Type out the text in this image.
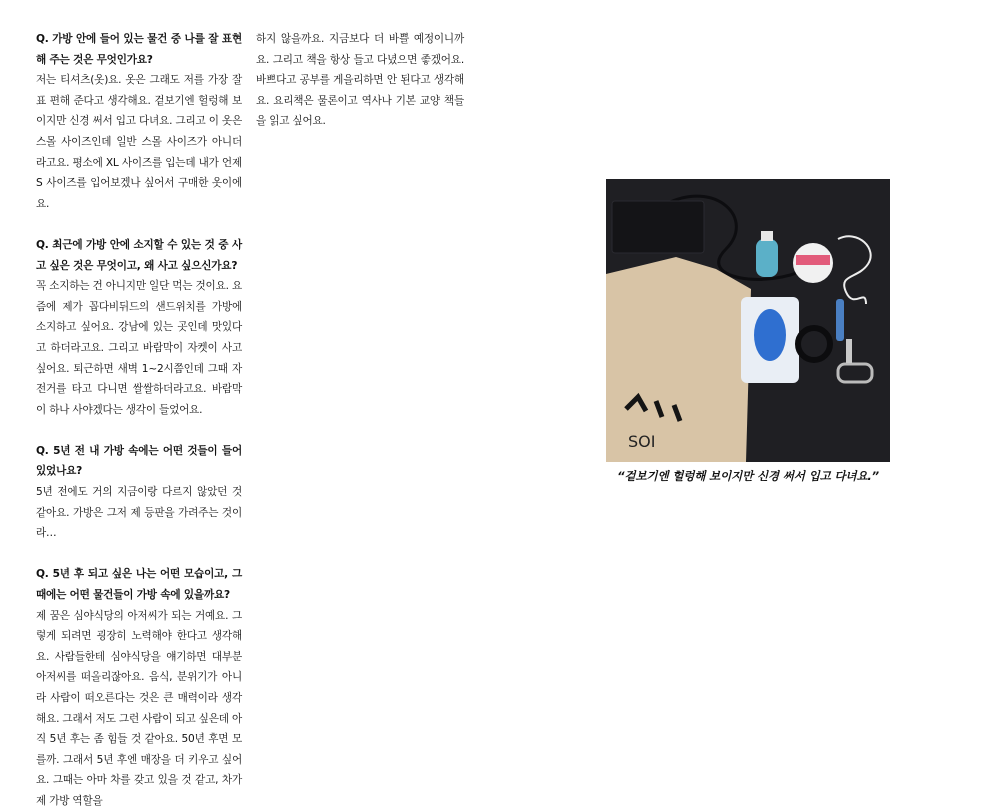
Q. 가방 안에 들어 있는 물건 중 나를 잘 표현해 주는 것은 무엇인가요?

저는 티셔츠(옷)요. 옷은 그래도 저를 가장 잘 표 편해 준다고 생각해요. 겉보기엔 헐렁해 보이지만 신경 써서 입고 다녀요. 그리고 이 옷은 스몰 사이즈인데 일반 스몰 사이즈가 아니더라고요. 평소에 XL 사이즈를 입는데 내가 언제 S 사이즈를 입어보겠나 싶어서 구매한 옷이에요.

Q. 최근에 가방 안에 소지할 수 있는 것 중 사고 싶은 것은 무엇이고, 왜 사고 싶으신가요?

꼭 소지하는 건 아니지만 일단 먹는 것이요. 요즘에 제가 꼽다비뒤드의 샌드위치를 가방에 소지하고 싶어요. 강남에 있는 곳인데 맛있다고 하더라고요. 그리고 바람막이 자켓이 사고 싶어요. 퇴근하면 새벽 1~2시쯤인데 그때 자전거를 타고 다니면 쌀쌀하더라고요. 바람막이 하나 사야겠다는 생각이 들었어요.

Q. 5년 전 내 가방 속에는 어떤 것들이 들어 있었나요?

5년 전에도 거의 지금이랑 다르지 않았던 것 같아요. 가방은 그저 제 등판을 가려주는 것이라…

Q. 5년 후 되고 싶은 나는 어떤 모습이고, 그때에는 어떤 물건들이 가방 속에 있을까요?

제 꿈은 심야식당의 아저씨가 되는 거예요. 그렇게 되려면 굉장히 노력해야 한다고 생각해요. 사람들한테 심야식당을 얘기하면 대부분 아저씨를 떠올리잖아요. 음식, 분위기가 아니라 사람이 떠오른다는 것은 큰 매력이라 생각해요. 그래서 저도 그런 사람이 되고 싶은데 아직 5년 후는 좀 힘들 것 같아요. 50년 후면 모를까. 그래서 5년 후엔 매장을 더 키우고 싶어요. 그때는 아마 차를 갖고 있을 것 같고, 차가 제 가방 역할을

하지 않을까요. 지금보다 더 바쁠 예정이니까요. 그리고 책을 항상 들고 다녔으면 좋겠어요. 바쁘다고 공부를 게을리하면 안 된다고 생각해요. 요리책은 물론이고 역사나 기본 교양 책들을 읽고 싶어요.

SOI
“겉보기엔 헐렁해 보이지만 신경 써서 입고 다녀요.”
